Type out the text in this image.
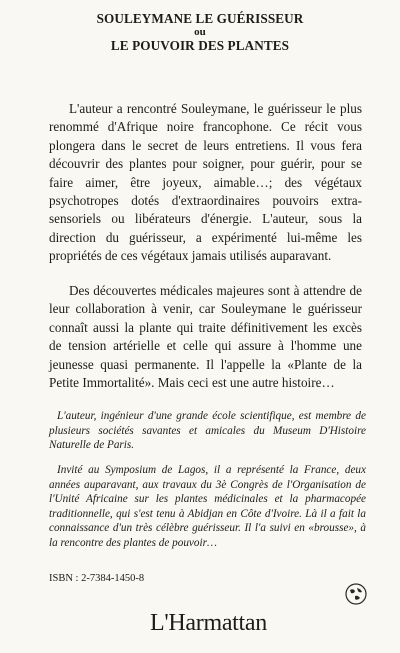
SOULEYMANE LE GUÉRISSEUR

ou

LE POUVOIR DES PLANTES

L'auteur a rencontré Souleymane, le guérisseur le plus renommé d'Afrique noire francophone. Ce récit vous plongera dans le secret de leurs entretiens. Il vous fera découvrir des plantes pour soigner, pour guérir, pour se faire aimer, être joyeux, aimable…; des végétaux psychotropes dotés d'extraordinaires pouvoirs extra-sensoriels ou libérateurs d'énergie. L'auteur, sous la direction du guérisseur, a expérimenté lui-même les propriétés de ces végétaux jamais utilisés auparavant.

Des découvertes médicales majeures sont à attendre de leur collaboration à venir, car Souleymane le guérisseur connaît aussi la plante qui traite définitivement les excès de tension artérielle et celle qui assure à l'homme une jeunesse quasi permanente. Il l'appelle la «Plante de la Petite Immortalité». Mais ceci est une autre histoire…

L'auteur, ingénieur d'une grande école scientifique, est membre de plusieurs sociétés savantes et amicales du Museum D'Histoire Naturelle de Paris.

Invité au Symposium de Lagos, il a représenté la France, deux années auparavant, aux travaux du 3è Congrès de l'Organisation de l'Unité Africaine sur les plantes médicinales et la pharmacopée traditionnelle, qui s'est tenu à Abidjan en Côte d'Ivoire. Là il a fait la connaissance d'un très célèbre guérisseur. Il l'a suivi en «brousse», à la rencontre des plantes de pouvoir…

ISBN : 2-7384-1450-8

L'Harmattan
